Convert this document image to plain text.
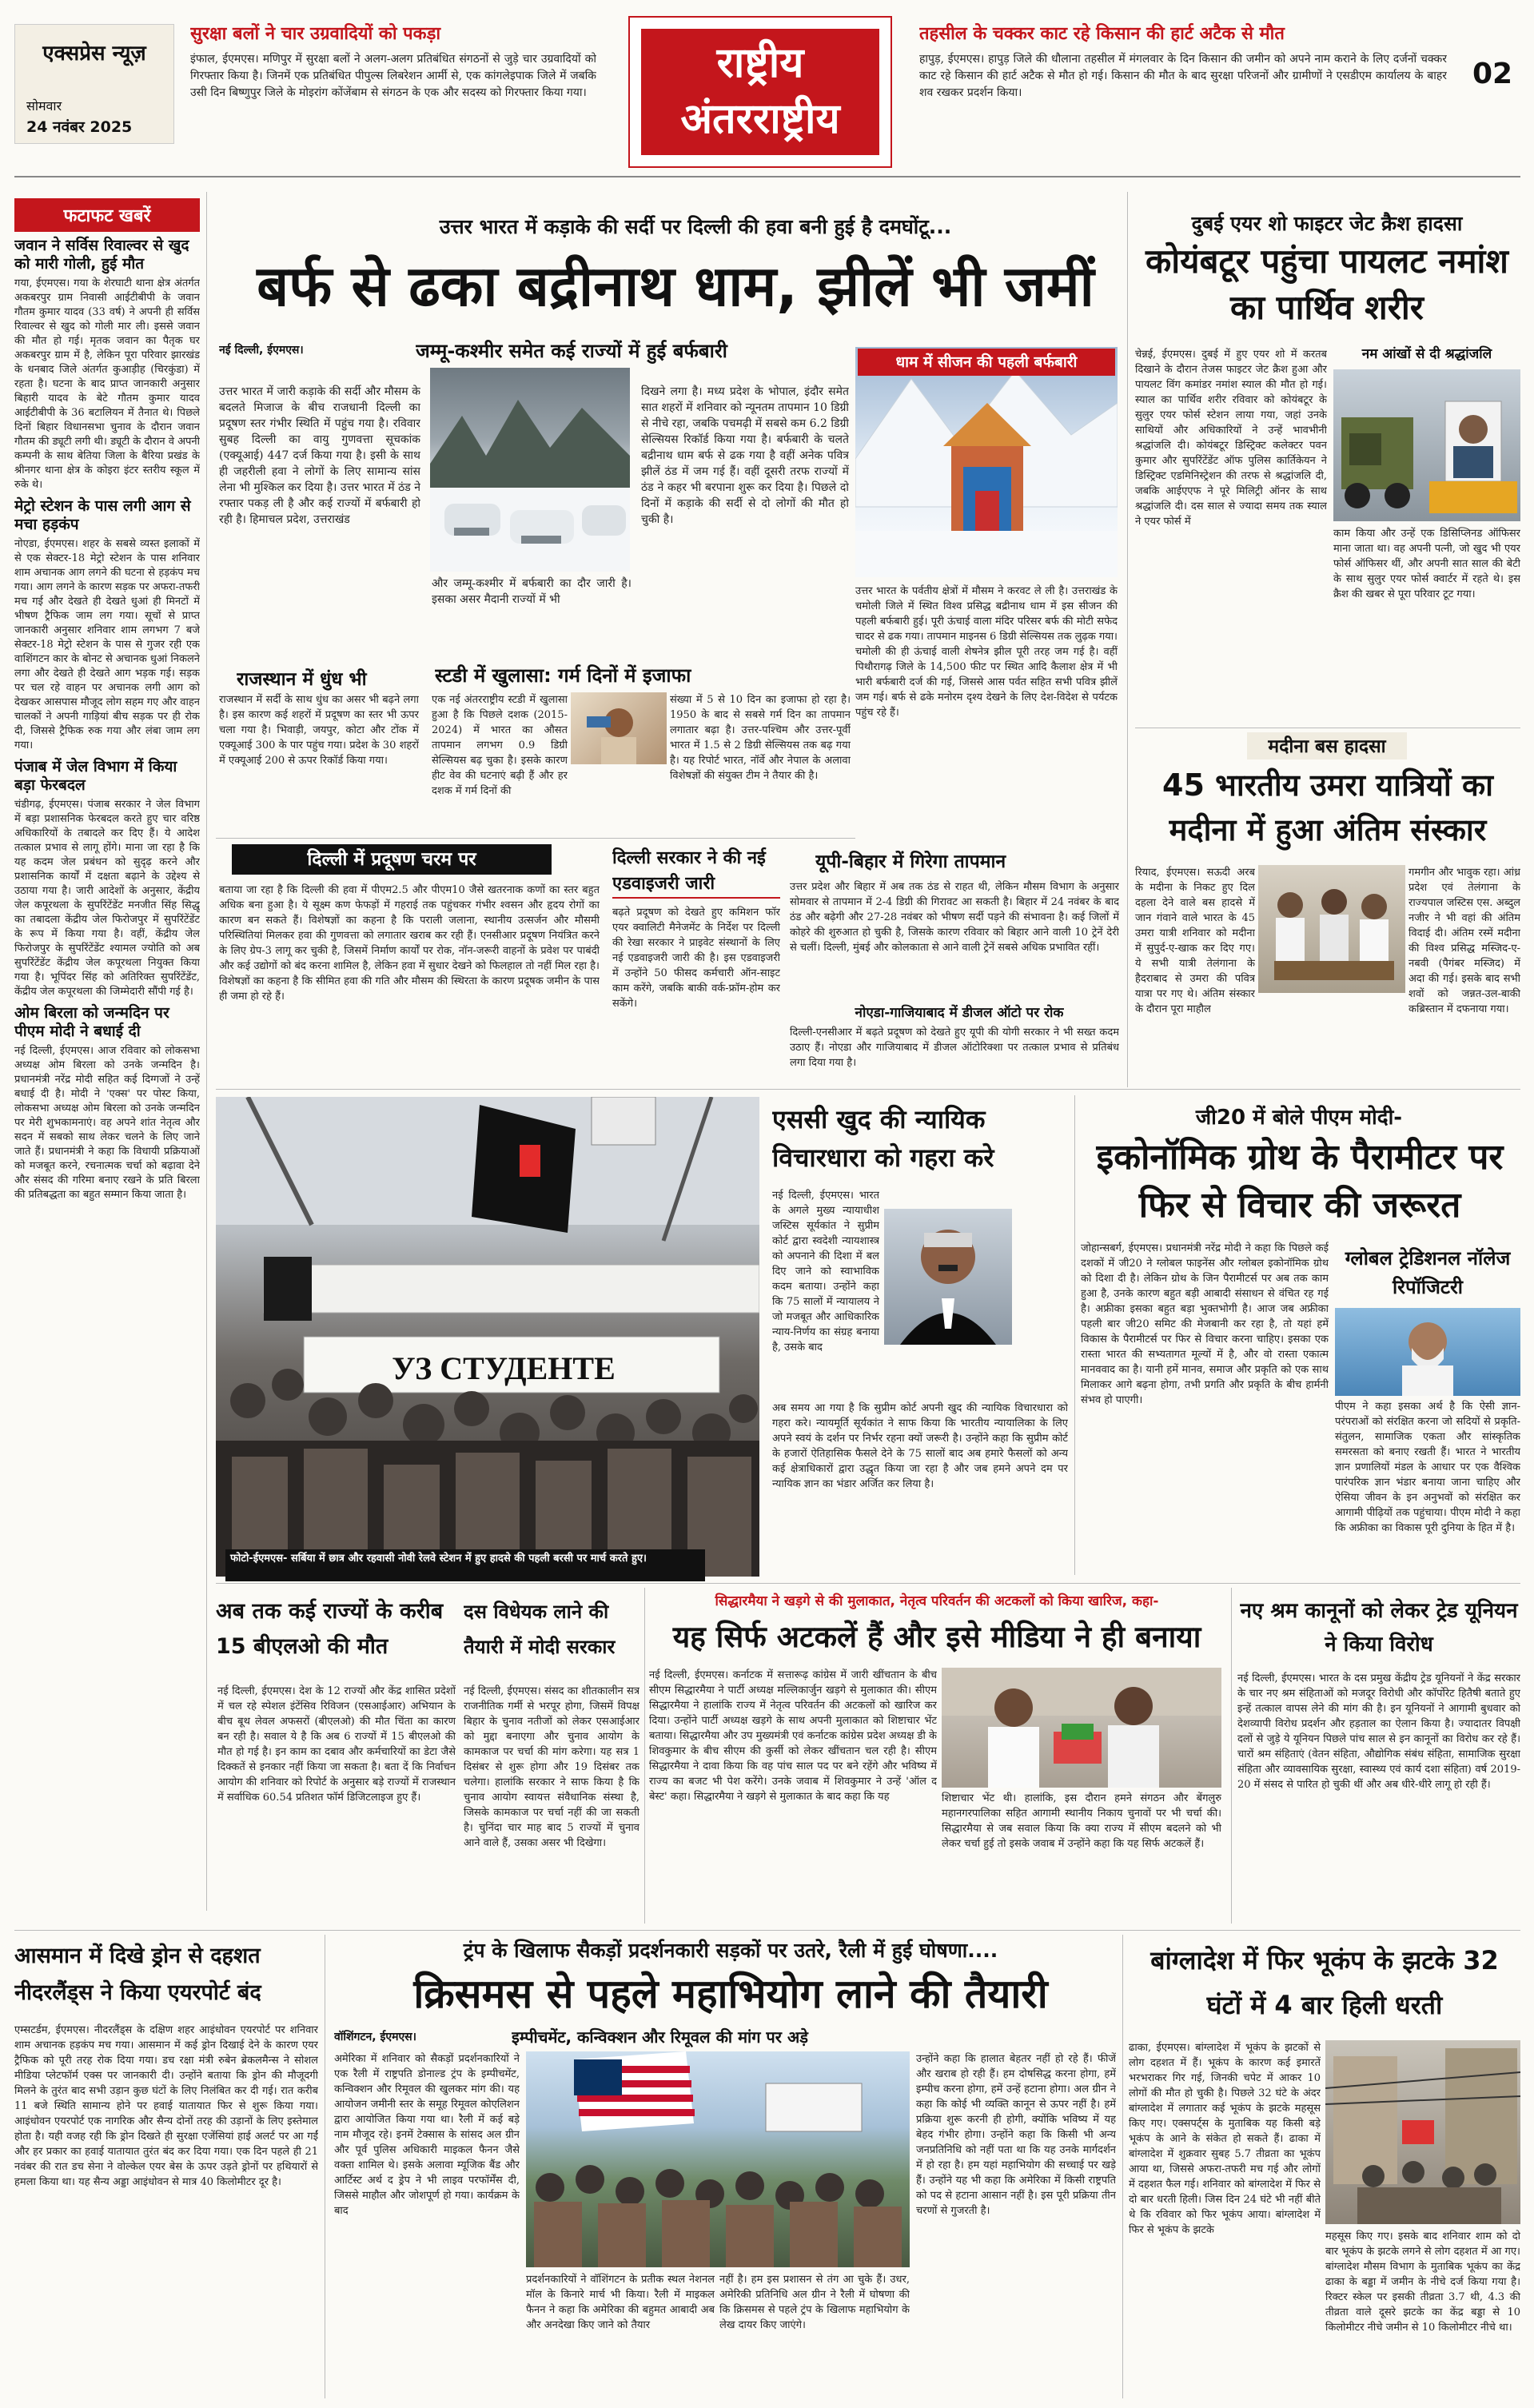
एक्सप्रेस न्यूज़
सोमवार
24 नवंबर 2025
सुरक्षा बलों ने चार उग्रवादियों को पकड़ा
इंफाल, ईएमएस। मणिपुर में सुरक्षा बलों ने अलग-अलग प्रतिबंधित संगठनों से जुड़े चार उग्रवादियों को गिरफ्तार किया है। जिनमें एक प्रतिबंधित पीपुल्स लिबरेशन आर्मी से, एक कांगलेइपाक जिले में जबकि उसी दिन बिष्णुपुर जिले के मोइरांग कोंजेंबाम से संगठन के एक और सदस्य को गिरफ्तार किया गया।
राष्ट्रीय
अंतरराष्ट्रीय
तहसील के चक्कर काट रहे किसान की हार्ट अटैक से मौत
हापुड़, ईएमएस। हापुड़ जिले की धौलाना तहसील में मंगलवार के दिन किसान की जमीन को अपने नाम कराने के लिए दर्जनों चक्कर काट रहे किसान की हार्ट अटैक से मौत हो गई। किसान की मौत के बाद सुरक्षा परिजनों और ग्रामीणों ने एसडीएम कार्यालय के बाहर शव रखकर प्रदर्शन किया।
02
फटाफट खबरें
जवान ने सर्विस रिवाल्वर से खुद को मारी गोली, हुई मौत
गया, ईएमएस। गया के शेरघाटी थाना क्षेत्र अंतर्गत अकबरपुर ग्राम निवासी आईटीबीपी के जवान गौतम कुमार यादव (33 वर्ष) ने अपनी ही सर्विस रिवाल्वर से खुद को गोली मार ली। इससे जवान की मौत हो गई। मृतक जवान का पैतृक घर अकबरपुर ग्राम में है, लेकिन पूरा परिवार झारखंड के धनबाद जिले अंतर्गत कुआड़ीह (चिरकुंडा) में रहता है। घटना के बाद प्राप्त जानकारी अनुसार बिहारी यादव के बेटे गौतम कुमार यादव आईटीबीपी के 36 बटालियन में तैनात थे। पिछले दिनों बिहार विधानसभा चुनाव के दौरान जवान गौतम की ड्यूटी लगी थी। ड्यूटी के दौरान वे अपनी कम्पनी के साथ बेतिया जिला के बैरिया प्रखंड के श्रीनगर थाना क्षेत्र के कोइरा इंटर स्तरीय स्कूल में रुके थे।
मेट्रो स्टेशन के पास लगी आग से मचा हड़कंप
नोएडा, ईएमएस। शहर के सबसे व्यस्त इलाकों में से एक सेक्टर-18 मेट्रो स्टेशन के पास शनिवार शाम अचानक आग लगने की घटना से हड़कंप मच गया। आग लगने के कारण सड़क पर अफरा-तफरी मच गई और देखते ही देखते धुआं ही मिनटों में भीषण ट्रैफिक जाम लग गया। सूचों से प्राप्त जानकारी अनुसार शनिवार शाम लगभग 7 बजे सेक्टर-18 मेट्रो स्टेशन के पास से गुजर रही एक वाशिंगटन कार के बोनट से अचानक धुआं निकलने लगा और देखते ही देखते आग भड़क गई। सड़क पर चल रहे वाहन पर अचानक लगी आग को देखकर आसपास मौजूद लोग सहम गए और वाहन चालकों ने अपनी गाड़ियां बीच सड़क पर ही रोक दी, जिससे ट्रैफिक रुक गया और लंबा जाम लग गया।
पंजाब में जेल विभाग में किया बड़ा फेरबदल
चंडीगढ़, ईएमएस। पंजाब सरकार ने जेल विभाग में बड़ा प्रशासनिक फेरबदल करते हुए चार वरिष्ठ अधिकारियों के तबादले कर दिए हैं। ये आदेश तत्काल प्रभाव से लागू होंगे। माना जा रहा है कि यह कदम जेल प्रबंधन को सुदृढ़ करने और प्रशासनिक कार्यों में दक्षता बढ़ाने के उद्देश्य से उठाया गया है। जारी आदेशों के अनुसार, केंद्रीय जेल कपूरथला के सुपरिंटेंडेंट मनजीत सिंह सिद्धू का तबादला केंद्रीय जेल फिरोजपुर में सुपरिंटेंडेंट के रूप में किया गया है। वहीं, केंद्रीय जेल फिरोजपुर के सुपरिंटेंडेंट श्यामल ज्योति को अब सुपरिंटेंडेंट केंद्रीय जेल कपूरथला नियुक्त किया गया है। भूपिंदर सिंह को अतिरिक्त सुपरिंटेंडेंट, केंद्रीय जेल कपूरथला की जिम्मेदारी सौंपी गई है।
ओम बिरला को जन्मदिन पर पीएम मोदी ने बधाई दी
नई दिल्ली, ईएमएस। आज रविवार को लोकसभा अध्यक्ष ओम बिरला को उनके जन्मदिन है। प्रधानमंत्री नरेंद्र मोदी सहित कई दिग्गजों ने उन्हें बधाई दी है। मोदी ने 'एक्स' पर पोस्ट किया, लोकसभा अध्यक्ष ओम बिरला को उनके जन्मदिन पर मेरी शुभकामनाएं। वह अपने शांत नेतृत्व और सदन में सबको साथ लेकर चलने के लिए जाने जाते हैं। प्रधानमंत्री ने कहा कि विधायी प्रक्रियाओं को मजबूत करने, रचनात्मक चर्चा को बढ़ावा देने और संसद की गरिमा बनाए रखने के प्रति बिरला की प्रतिबद्धता का बहुत सम्मान किया जाता है।
उत्तर भारत में कड़ाके की सर्दी पर दिल्ली की हवा बनी हुई है दमघोंटू...
बर्फ से ढका बद्रीनाथ धाम, झीलें भी जमीं
नई दिल्ली, ईएमएस।	जम्मू-कश्मीर समेत कई राज्यों में हुई बर्फबारी
उत्तर भारत में जारी कड़ाके की सर्दी और मौसम के बदलते मिजाज के बीच राजधानी दिल्ली का प्रदूषण स्तर गंभीर स्थिति में पहुंच गया है। रविवार सुबह दिल्ली का वायु गुणवत्ता सूचकांक (एक्यूआई) 447 दर्ज किया गया है। इसी के साथ ही जहरीली हवा ने लोगों के लिए सामान्य सांस लेना भी मुश्किल कर दिया है। उत्तर भारत में ठंड ने रफ्तार पकड़ ली है और कई राज्यों में बर्फबारी हो रही है। हिमाचल प्रदेश, उत्तराखंड
और जम्मू-कश्मीर में बर्फबारी का दौर जारी है। इसका असर मैदानी राज्यों में भी
दिखने लगा है। मध्य प्रदेश के भोपाल, इंदौर समेत सात शहरों में शनिवार को न्यूनतम तापमान 10 डिग्री से नीचे रहा, जबकि पचमढ़ी में सबसे कम 6.2 डिग्री सेल्सियस रिकॉर्ड किया गया है। बर्फबारी के चलते बद्रीनाथ धाम बर्फ से ढक गया है वहीं अनेक पवित्र झीलें ठंड में जम गई हैं। वहीं दूसरी तरफ राज्यों में ठंड ने कहर भी बरपाना शुरू कर दिया है। पिछले दो दिनों में कड़ाके की सर्दी से दो लोगों की मौत हो चुकी है।
धाम में सीजन की पहली बर्फबारी
उत्तर भारत के पर्वतीय क्षेत्रों में मौसम ने करवट ले ली है। उत्तराखंड के चमोली जिले में स्थित विश्व प्रसिद्ध बद्रीनाथ धाम में इस सीजन की पहली बर्फबारी हुई। पूरी ऊंचाई वाला मंदिर परिसर बर्फ की मोटी सफेद चादर से ढक गया। तापमान माइनस 6 डिग्री सेल्सियस तक लुढ़क गया। चमोली की ही ऊंचाई वाली शेषनेत्र झील पूरी तरह जम गई है। वहीं पिथौरागढ़ जिले के 14,500 फीट पर स्थित आदि कैलाश क्षेत्र में भी भारी बर्फबारी दर्ज की गई, जिससे आस पर्वत सहित सभी पवित्र झीलें जम गई। बर्फ से ढके मनोरम दृश्य देखने के लिए देश-विदेश से पर्यटक पहुंच रहे हैं।
राजस्थान में धुंध भी
राजस्थान में सर्दी के साथ धुंध का असर भी बढ़ने लगा है। इस कारण कई शहरों में प्रदूषण का स्तर भी ऊपर चला गया है। भिवाड़ी, जयपुर, कोटा और टोंक में एक्यूआई 300 के पार पहुंच गया। प्रदेश के 30 शहरों में एक्यूआई 200 से ऊपर रिकॉर्ड किया गया।
स्टडी में खुलासा: गर्म दिनों में इजाफा
एक नई अंतरराष्ट्रीय स्टडी में खुलासा हुआ है कि पिछले दशक (2015-2024) में भारत का औसत तापमान लगभग 0.9 डिग्री सेल्सियस बढ़ चुका है। इसके कारण हीट वेव की घटनाएं बढ़ी हैं और हर दशक में गर्म दिनों की
संख्या में 5 से 10 दिन का इजाफा हो रहा है। 1950 के बाद से सबसे गर्म दिन का तापमान लगातार बढ़ा है। उत्तर-पश्चिम और उत्तर-पूर्वी भारत में 1.5 से 2 डिग्री सेल्सियस तक बढ़ गया है। यह रिपोर्ट भारत, नॉर्वे और नेपाल के अलावा विशेषज्ञों की संयुक्त टीम ने तैयार की है।
दिल्ली में प्रदूषण चरम पर
बताया जा रहा है कि दिल्ली की हवा में पीएम2.5 और पीएम10 जैसे खतरनाक कणों का स्तर बहुत अधिक बना हुआ है। ये सूक्ष्म कण फेफड़ों में गहराई तक पहुंचकर गंभीर श्वसन और हृदय रोगों का कारण बन सकते हैं। विशेषज्ञों का कहना है कि पराली जलाना, स्थानीय उत्सर्जन और मौसमी परिस्थितियां मिलकर हवा की गुणवत्ता को लगातार खराब कर रही हैं। एनसीआर प्रदूषण नियंत्रित करने के लिए ग्रेप-3 लागू कर चुकी है, जिसमें निर्माण कार्यों पर रोक, नॉन-जरूरी वाहनों के प्रवेश पर पाबंदी और कई उद्योगों को बंद करना शामिल है, लेकिन हवा में सुधार देखने को फिलहाल तो नहीं मिल रहा है। विशेषज्ञों का कहना है कि सीमित हवा की गति और मौसम की स्थिरता के कारण प्रदूषक जमीन के पास ही जमा हो रहे हैं।
दिल्ली सरकार ने की नई एडवाइजरी जारी
बढ़ते प्रदूषण को देखते हुए कमिशन फॉर एयर क्वालिटी मैनेजमेंट के निर्देश पर दिल्ली की रेखा सरकार ने प्राइवेट संस्थानों के लिए नई एडवाइजरी जारी की है। इस एडवाइजरी में उन्होंने 50 फीसद कर्मचारी ऑन-साइट काम करेंगे, जबकि बाकी वर्क-फ्रॉम-होम कर सकेंगे।
यूपी-बिहार में गिरेगा तापमान
उत्तर प्रदेश और बिहार में अब तक ठंड से राहत थी, लेकिन मौसम विभाग के अनुसार सोमवार से तापमान में 2-4 डिग्री की गिरावट आ सकती है। बिहार में 24 नवंबर के बाद ठंड और बढ़ेगी और 27-28 नवंबर को भीषण सर्दी पड़ने की संभावना है। कई जिलों में कोहरे की शुरुआत हो चुकी है, जिसके कारण रविवार को बिहार आने वाली 10 ट्रेनें देरी से चलीं। दिल्ली, मुंबई और कोलकाता से आने वाली ट्रेनें सबसे अधिक प्रभावित रहीं।
नोएडा-गाजियाबाद में डीजल ऑटो पर रोक
दिल्ली-एनसीआर में बढ़ते प्रदूषण को देखते हुए यूपी की योगी सरकार ने भी सख्त कदम उठाए हैं। नोएडा और गाजियाबाद में डीजल ऑटोरिक्शा पर तत्काल प्रभाव से प्रतिबंध लगा दिया गया है।
दुबई एयर शो फाइटर जेट क्रैश हादसा
कोयंबटूर पहुंचा पायलट नमांश का पार्थिव शरीर
चेन्नई, ईएमएस। दुबई में हुए एयर शो में करतब दिखाने के दौरान तेजस फाइटर जेट क्रैश हुआ और पायलट विंग कमांडर नमांश स्याल की मौत हो गई। स्याल का पार्थिव शरीर रविवार को कोयंबटूर के सुलुर एयर फोर्स स्टेशन लाया गया, जहां उनके साथियों और अधिकारियों ने उन्हें भावभीनी श्रद्धांजलि दी। कोयंबटूर डिस्ट्रिक्ट कलेक्टर पवन कुमार और सुपरिंटेंडेंट ऑफ पुलिस कार्तिकेयन ने डिस्ट्रिक्ट एडमिनिस्ट्रेशन की तरफ से श्रद्धांजलि दी, जबकि आईएएफ ने पूरे मिलिट्री ऑनर के साथ श्रद्धांजलि दी। दस साल से ज्यादा समय तक स्याल ने एयर फोर्स में
नम आंखों से दी श्रद्धांजलि
काम किया और उन्हें एक डिसिप्लिनड ऑफिसर माना जाता था। वह अपनी पत्नी, जो खुद भी एयर फोर्स ऑफिसर थीं, और अपनी सात साल की बेटी के साथ सुलुर एयर फोर्स क्वार्टर में रहते थे। इस क्रैश की खबर से पूरा परिवार टूट गया।
मदीना बस हादसा
45 भारतीय उमरा यात्रियों का मदीना में हुआ अंतिम संस्कार
रियाद, ईएमएस। सऊदी अरब के मदीना के निकट हुए दिल दहला देने वाले बस हादसे में जान गंवाने वाले भारत के 45 उमरा यात्री शनिवार को मदीना में सुपुर्द-ए-खाक कर दिए गए। ये सभी यात्री तेलंगाना के हैदराबाद से उमरा की पवित्र यात्रा पर गए थे। अंतिम संस्कार के दौरान पूरा माहौल
गमगीन और भावुक रहा। आंध्र प्रदेश एवं तेलंगाना के राज्यपाल जस्टिस एस. अब्दुल नजीर ने भी वहां की अंतिम विदाई दी। अंतिम रस्में मदीना की विश्व प्रसिद्ध मस्जिद-ए-नबवी (पैगंबर मस्जिद) में अदा की गई। इसके बाद सभी शवों को जन्नत-उल-बाकी कब्रिस्तान में दफनाया गया।
УЗ СТУДЕНТЕ
फोटो-ईएमएस- सर्बिया में छात्र और रहवासी नोवी रेलवे स्टेशन में हुए हादसे की पहली बरसी पर मार्च करते हुए।
एससी खुद की न्यायिक विचारधारा को गहरा करे
नई दिल्ली, ईएमएस। भारत के अगले मुख्य न्यायाधीश जस्टिस सूर्यकांत ने सुप्रीम कोर्ट द्वारा स्वदेशी न्यायशास्त्र को अपनाने की दिशा में बल दिए जाने को स्वाभाविक कदम बताया। उन्होंने कहा कि 75 सालों में न्यायालय ने जो मजबूत और आधिकारिक न्याय-निर्णय का संग्रह बनाया है, उसके बाद
अब समय आ गया है कि सुप्रीम कोर्ट अपनी खुद की न्यायिक विचारधारा को गहरा करे। न्यायमूर्ति सूर्यकांत ने साफ किया कि भारतीय न्यायालिका के लिए अपने स्वयं के दर्शन पर निर्भर रहना क्यों जरूरी है। उन्होंने कहा कि सुप्रीम कोर्ट के हजारों ऐतिहासिक फैसले देने के 75 सालों बाद अब हमारे फैसलों को अन्य कई क्षेत्राधिकारों द्वारा उद्धृत किया जा रहा है और जब हमने अपने दम पर न्यायिक ज्ञान का भंडार अर्जित कर लिया है।
जी20 में बोले पीएम मोदी-
इकोनॉमिक ग्रोथ के पैरामीटर पर फिर से विचार की जरूरत
जोहान्सबर्ग, ईएमएस। प्रधानमंत्री नरेंद्र मोदी ने कहा कि पिछले कई दशकों में जी20 ने ग्लोबल फाइनेंस और ग्लोबल इकोनॉमिक ग्रोथ को दिशा दी है। लेकिन ग्रोथ के जिन पैरामीटर्स पर अब तक काम हुआ है, उनके कारण बहुत बड़ी आबादी संसाधन से वंचित रह गई है। अफ्रीका इसका बहुत बड़ा भुक्तभोगी है। आज जब अफ्रीका पहली बार जी20 समिट की मेजबानी कर रहा है, तो यहां हमें विकास के पैरामीटर्स पर फिर से विचार करना चाहिए। इसका एक रास्ता भारत की सभ्यतागत मूल्यों में है, और वो रास्ता एकात्म मानववाद का है। यानी हमें मानव, समाज और प्रकृति को एक साथ मिलाकर आगे बढ़ना होगा, तभी प्रगति और प्रकृति के बीच हार्मनी संभव हो पाएगी।
ग्लोबल ट्रेडिशनल नॉलेज रिपॉजिटरी
पीएम ने कहा इसका अर्थ है कि ऐसी ज्ञान-परंपराओं को संरक्षित करना जो सदियों से प्रकृति-संतुलन, सामाजिक एकता और सांस्कृतिक समरसता को बनाए रखती हैं। भारत ने भारतीय ज्ञान प्रणालियों मंडल के आधार पर एक वैश्विक पारंपरिक ज्ञान भंडार बनाया जाना चाहिए और ऐसिया जीवन के इन अनुभवों को संरक्षित कर आगामी पीढ़ियों तक पहुंचाया। पीएम मोदी ने कहा कि अफ्रीका का विकास पूरी दुनिया के हित में है।
अब तक कई राज्यों के करीब 15 बीएलओ की मौत
नई दिल्ली, ईएमएस। देश के 12 राज्यों और केंद्र शासित प्रदेशों में चल रहे स्पेशल इंटेंसिव रिविजन (एसआईआर) अभियान के बीच बूथ लेवल अफसरों (बीएलओ) की मौत चिंता का कारण बन रही है। सवाल ये है कि अब 6 राज्यों में 15 बीएलओ की मौत हो गई है। इन काम का दबाव और कर्मचारियों का डेटा जैसे दिक्कतें से इनकार नहीं किया जा सकता है। बता दें कि निर्वाचन आयोग की शनिवार को रिपोर्ट के अनुसार बड़े राज्यों में राजस्थान में सर्वाधिक 60.54 प्रतिशत फॉर्म डिजिटलाइज हुए हैं।
दस विधेयक लाने की तैयारी में मोदी सरकार
नई दिल्ली, ईएमएस। संसद का शीतकालीन सत्र राजनीतिक गर्मी से भरपूर होगा, जिसमें विपक्ष बिहार के चुनाव नतीजों को लेकर एसआईआर को मुद्दा बनाएगा और चुनाव आयोग के कामकाज पर चर्चा की मांग करेगा। यह सत्र 1 दिसंबर से शुरू होगा और 19 दिसंबर तक चलेगा। हालांकि सरकार ने साफ किया है कि चुनाव आयोग स्वायत्त संवैधानिक संस्था है, जिसके कामकाज पर चर्चा नहीं की जा सकती है। चुनिंदा चार माह बाद 5 राज्यों में चुनाव आने वाले हैं, उसका असर भी दिखेगा।
सिद्धारमैया ने खड़गे से की मुलाकात, नेतृत्व परिवर्तन की अटकलों को किया खारिज, कहा-
यह सिर्फ अटकलें हैं और इसे मीडिया ने ही बनाया
नई दिल्ली, ईएमएस। कर्नाटक में सत्तारूढ़ कांग्रेस में जारी खींचतान के बीच सीएम सिद्धारमैया ने पार्टी अध्यक्ष मल्लिकार्जुन खड़गे से मुलाकात की। सीएम सिद्धारमैया ने हालांकि राज्य में नेतृत्व परिवर्तन की अटकलों को खारिज कर दिया। उन्होंने पार्टी अध्यक्ष खड़गे के साथ अपनी मुलाकात को शिष्टाचार भेंट बताया। सिद्धारमैया और उप मुख्यमंत्री एवं कर्नाटक कांग्रेस प्रदेश अध्यक्ष डी के शिवकुमार के बीच सीएम की कुर्सी को लेकर खींचतान चल रही है। सीएम सिद्धारमैया ने दावा किया कि वह पांच साल पद पर बने रहेंगे और भविष्य में राज्य का बजट भी पेश करेंगे। उनके जवाब में शिवकुमार ने उन्हें 'ऑल द बेस्ट' कहा। सिद्धारमैया ने खड़गे से मुलाकात के बाद कहा कि यह	शिष्टाचार भेंट थी। हालांकि, इस दौरान हमने संगठन और बेंगलुरु महानगरपालिका सहित आगामी स्थानीय निकाय चुनावों पर भी चर्चा की। सिद्धारमैया से जब सवाल किया कि क्या राज्य में सीएम बदलने को भी लेकर चर्चा हुई तो इसके जवाब में उन्होंने कहा कि यह सिर्फ अटकलें हैं।
नए श्रम कानूनों को लेकर ट्रेड यूनियन ने किया विरोध
नई दिल्ली, ईएमएस। भारत के दस प्रमुख केंद्रीय ट्रेड यूनियनों ने केंद्र सरकार के चार नए श्रम संहिताओं को मजदूर विरोधी और कॉर्पोरेट हितैषी बताते हुए इन्हें तत्काल वापस लेने की मांग की है। इन यूनियनों ने आगामी बुधवार को देशव्यापी विरोध प्रदर्शन और हड़ताल का ऐलान किया है। ज्यादातर विपक्षी दलों से जुड़े ये यूनियन पिछले पांच साल से इन कानूनों का विरोध कर रहे हैं। चारों श्रम संहिताएं (वेतन संहिता, औद्योगिक संबंध संहिता, सामाजिक सुरक्षा संहिता और व्यावसायिक सुरक्षा, स्वास्थ्य एवं कार्य दशा संहिता) वर्ष 2019-20 में संसद से पारित हो चुकी थीं और अब धीरे-धीरे लागू हो रही हैं।
आसमान में दिखे ड्रोन से दहशत नीदरलैंड्स ने किया एयरपोर्ट बंद
एम्सटर्डम, ईएमएस। नीदरलैंड्स के दक्षिण शहर आइंधोवन एयरपोर्ट पर शनिवार शाम अचानक हड़कंप मच गया। आसमान में कई ड्रोन दिखाई देने के कारण एयर ट्रैफिक को पूरी तरह रोक दिया गया। डच रक्षा मंत्री रुबेन ब्रेकलमैन्स ने सोशल मीडिया प्लेटफॉर्म एक्स पर जानकारी दी। उन्होंने बताया कि ड्रोन की मौजूदगी मिलने के तुरंत बाद सभी उड़ान कुछ घंटों के लिए निलंबित कर दी गई। रात करीब 11 बजे स्थिति सामान्य होने पर हवाई यातायात फिर से शुरू किया गया। आइंधोवन एयरपोर्ट एक नागरिक और सैन्य दोनों तरह की उड़ानों के लिए इस्तेमाल होता है। यही वजह रही कि ड्रोन दिखते ही सुरक्षा एजेंसियां हाई अलर्ट पर आ गईं और हर प्रकार का हवाई यातायात तुरंत बंद कर दिया गया। एक दिन पहले ही 21 नवंबर की रात डच सेना ने वोल्केल एयर बेस के ऊपर उड़ते ड्रोनों पर हथियारों से हमला किया था। यह सैन्य अड्डा आइंधोवन से मात्र 40 किलोमीटर दूर है।
ट्रंप के खिलाफ सैकड़ों प्रदर्शनकारी सड़कों पर उतरे, रैली में हुई घोषणा....
क्रिसमस से पहले महाभियोग लाने की तैयारी
वॉशिंगटन, ईएमएस।	इम्पीचमेंट, कन्विक्शन और रिमूवल की मांग पर अड़े
अमेरिका में शनिवार को सैकड़ों प्रदर्शनकारियों ने एक रैली में राष्ट्रपति डोनाल्ड ट्रंप के इम्पीचमेंट, कन्विक्शन और रिमूवल की खुलकर मांग की। यह आयोजन जमीनी स्तर के समूह रिमूवल कोएलिशन द्वारा आयोजित किया गया था। रैली में कई बड़े नाम मौजूद रहे। इनमें टेक्सास के सांसद अल ग्रीन और पूर्व पुलिस अधिकारी माइकल फैनन जैसे वक्ता शामिल थे। इसके अलावा म्यूजिक बैंड और आर्टिस्ट अर्थ द ड्रेप ने भी लाइव परफॉर्मेंस दी, जिससे माहौल और जोशपूर्ण हो गया। कार्यक्रम के बाद
प्रदर्शनकारियों ने वॉशिंगटन के प्रतीक स्थल नेशनल मॉल के किनारे मार्च भी किया। रैली में माइकल फैनन ने कहा कि अमेरिका की बहुमत आबादी अब और अनदेखा किए जाने को तैयार
नहीं है। हम इस प्रशासन से तंग आ चुके हैं। उधर, अमेरिकी प्रतिनिधि अल ग्रीन ने रैली में घोषणा की कि क्रिसमस से पहले ट्रंप के खिलाफ महाभियोग के लेख दायर किए जाएंगे।
उन्होंने कहा कि हालात बेहतर नहीं हो रहे हैं। फीजें और खराब हो रही हैं। हम दोषसिद्ध करना होगा, हमें इम्पीच करना होगा, हमें उन्हें हटाना होगा। अल ग्रीन ने कहा कि कोई भी व्यक्ति कानून से ऊपर नहीं है। हमें प्रक्रिया शुरू करनी ही होगी, क्योंकि भविष्य में यह बेहद गंभीर होगा। उन्होंने कहा कि किसी भी अन्य जनप्रतिनिधि को नहीं पता था कि यह उनके मार्गदर्शन में हो रहा है। हम यहां महाभियोग की सच्चाई पर खड़े हैं। उन्होंने यह भी कहा कि अमेरिका में किसी राष्ट्रपति को पद से हटाना आसान नहीं है। इस पूरी प्रक्रिया तीन चरणों से गुजरती है।
बांग्लादेश में फिर भूकंप के झटके 32 घंटों में 4 बार हिली धरती
ढाका, ईएमएस। बांग्लादेश में भूकंप के झटकों से लोग दहशत में हैं। भूकंप के कारण कई इमारतें भरभराकर गिर गई, जिनकी चपेट में आकर 10 लोगों की मौत हो चुकी है। पिछले 32 घंटे के अंदर बांग्लादेश में लगातार कई भूकंप के झटके महसूस किए गए। एक्सपर्ट्स के मुताबिक यह किसी बड़े भूकंप के आने के संकेत हो सकते हैं। ढाका में बांग्लादेश में शुक्रवार सुबह 5.7 तीव्रता का भूकंप आया था, जिससे अफरा-तफरी मच गई और लोगों में दहशत फैल गई। शनिवार को बांग्लादेश में फिर से दो बार धरती हिली। जिस दिन 24 घंटे भी नहीं बीते थे कि रविवार को फिर भूकंप आया। बांग्लादेश में फिर से भूकंप के झटके
महसूस किए गए। इसके बाद शनिवार शाम को दो बार भूकंप के झटके लगने से लोग दहशत में आ गए। बांग्लादेश मौसम विभाग के मुताबिक भूकंप का केंद्र ढाका के बड्डा में जमीन के नीचे दर्ज किया गया है। रिक्टर स्केल पर इसकी तीव्रता 3.7 थी, 4.3 की तीव्रता वाले दूसरे झटके का केंद्र बड्डा से 10 किलोमीटर नीचे जमीन से 10 किलोमीटर नीचे था।
